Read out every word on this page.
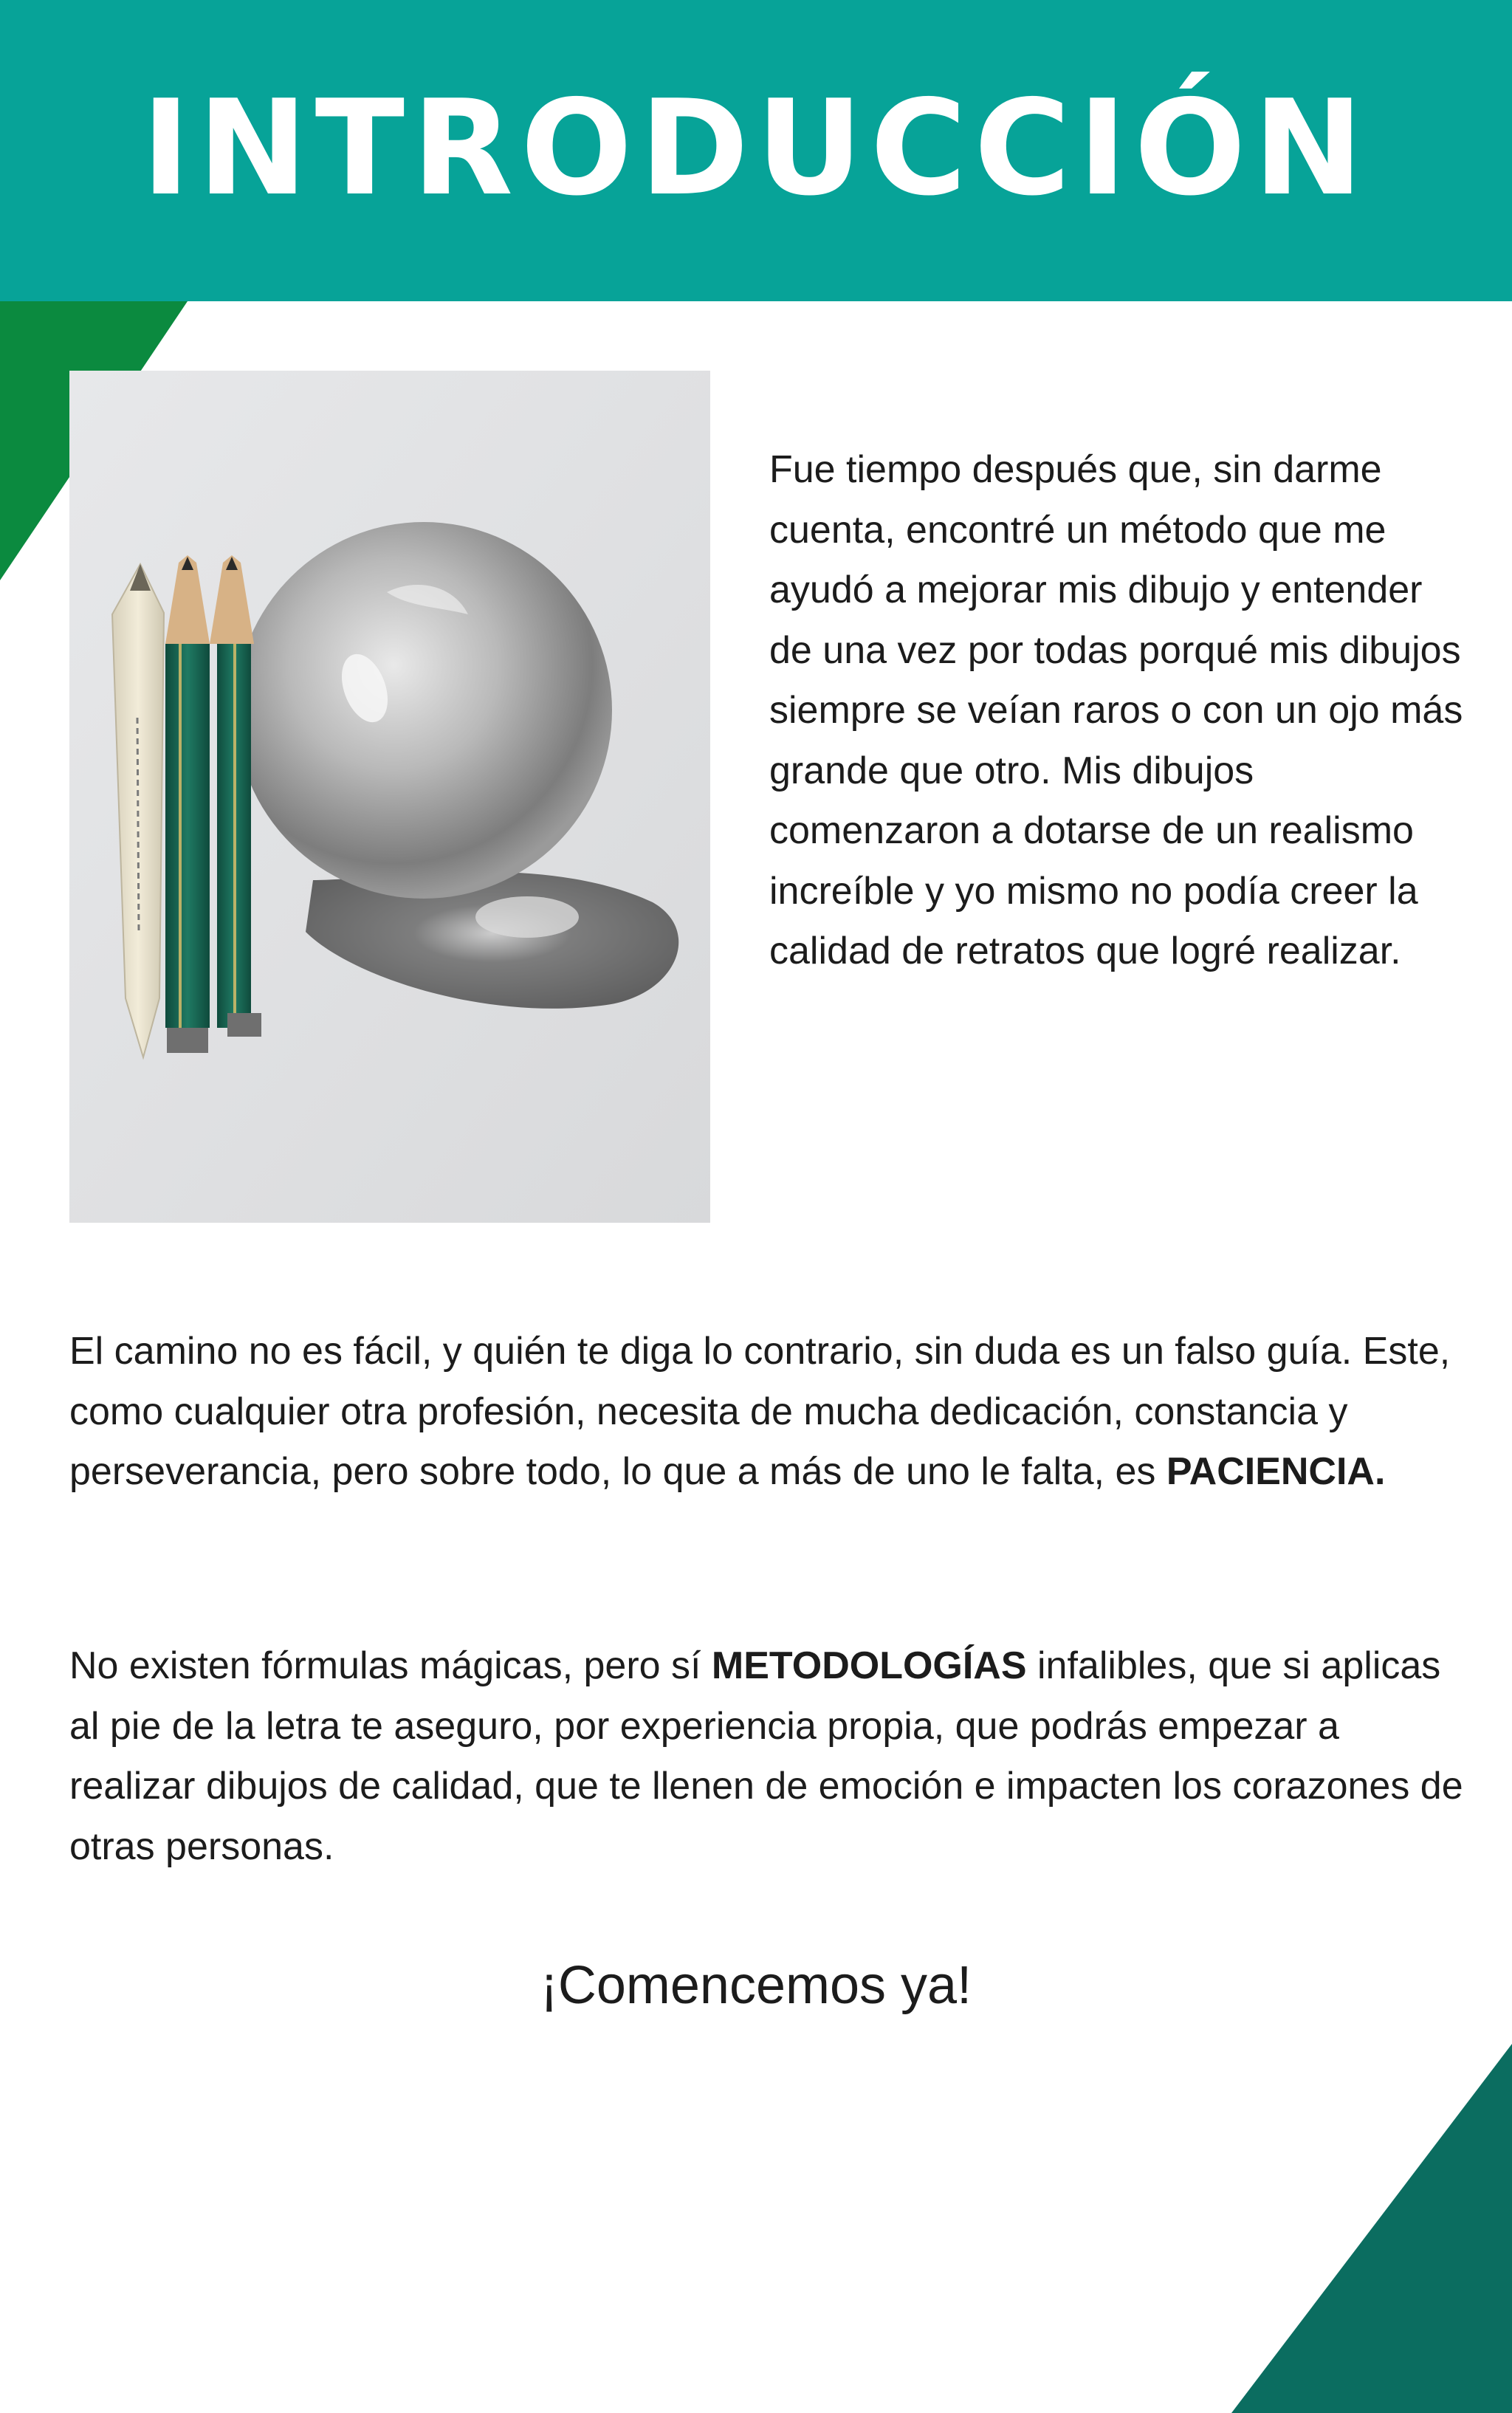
INTRODUCCIÓN

Fue tiempo después que, sin darme cuenta, encontré un método que me ayudó a mejorar mis dibujo y entender de una vez por todas porqué mis dibujos siempre se veían raros o con un ojo más grande que otro. Mis dibujos comenzaron a dotarse de un realismo increíble y yo mismo no podía creer la calidad de retratos que logré realizar.

El camino no es fácil, y quién te diga lo contrario, sin duda es un falso guía. Este, como cualquier otra profesión, necesita de mucha dedicación, constancia y perseverancia, pero sobre todo, lo que a más de uno le falta, es PACIENCIA.

No existen fórmulas mágicas, pero sí METODOLOGÍAS infalibles, que si aplicas al pie de la letra te aseguro, por experiencia propia, que podrás empezar a realizar dibujos de calidad, que te llenen de emoción e impacten los corazones de otras personas.

¡Comencemos ya!
